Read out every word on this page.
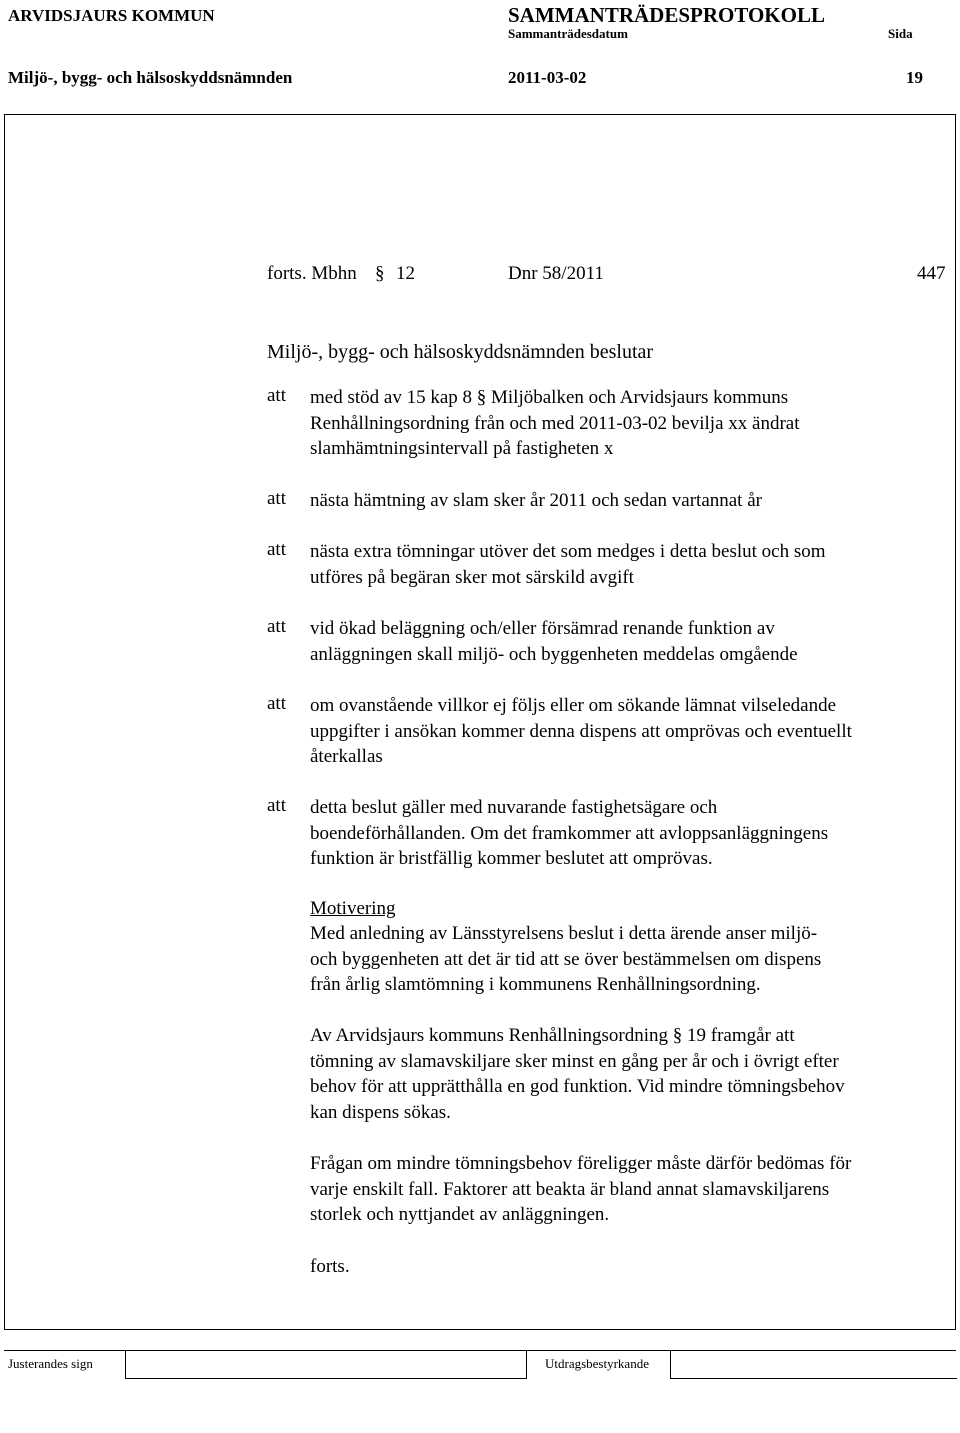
ARVIDSJAURS KOMMUN	SAMMANTRÄDESPROTOKOLL
Sammanträdesdatum	Sida
Miljö-, bygg- och hälsoskyddsnämnden	2011-03-02	19
forts. Mbhn § 12	Dnr 58/2011	447
Miljö-, bygg- och hälsoskyddsnämnden beslutar
att med stöd av 15 kap 8 § Miljöbalken och Arvidsjaurs kommuns
Renhållningsordning från och med 2011-03-02 bevilja xx ändrat
slamhämtningsintervall på fastigheten x
att nästa hämtning av slam sker år 2011 och sedan vartannat år
att nästa extra tömningar utöver det som medges i detta beslut och som
utföres på begäran sker mot särskild avgift
att vid ökad beläggning och/eller försämrad renande funktion av
anläggningen skall miljö- och byggenheten meddelas omgående
att om ovanstående villkor ej följs eller om sökande lämnat vilseledande
uppgifter i ansökan kommer denna dispens att omprövas och eventuellt
återkallas
att detta beslut gäller med nuvarande fastighetsägare och
boendeförhållanden. Om det framkommer att avloppsanläggningens
funktion är bristfällig kommer beslutet att omprövas.
Motivering
Med anledning av Länsstyrelsens beslut i detta ärende anser miljö-
och byggenheten att det är tid att se över bestämmelsen om dispens
från årlig slamtömning i kommunens Renhållningsordning.
Av Arvidsjaurs kommuns Renhållningsordning § 19 framgår att
tömning av slamavskiljare sker minst en gång per år och i övrigt efter
behov för att upprätthålla en god funktion. Vid mindre tömningsbehov
kan dispens sökas.
Frågan om mindre tömningsbehov föreligger måste därför bedömas för
varje enskilt fall. Faktorer att beakta är bland annat slamavskiljarens
storlek och nyttjandet av anläggningen.
forts.
Justerandes sign	Utdragsbestyrkande
